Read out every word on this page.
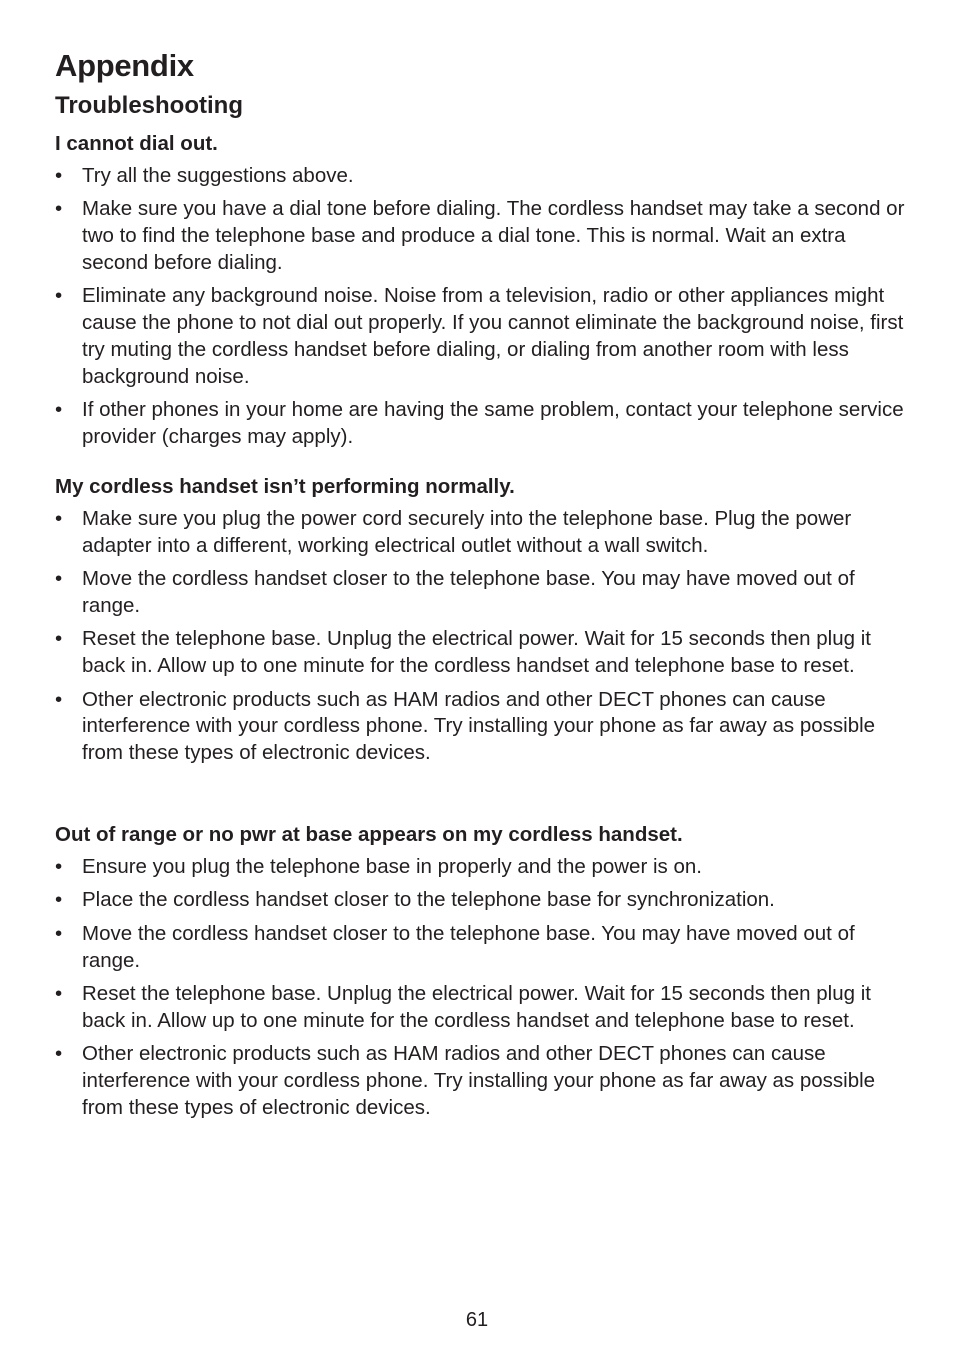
Appendix
Troubleshooting
I cannot dial out.
• Try all the suggestions above.
• Make sure you have a dial tone before dialing. The cordless handset may take a second or two to find the telephone base and produce a dial tone. This is normal. Wait an extra second before dialing.
• Eliminate any background noise. Noise from a television, radio or other appliances might cause the phone to not dial out properly. If you cannot eliminate the background noise, first try muting the cordless handset before dialing, or dialing from another room with less background noise.
• If other phones in your home are having the same problem, contact your telephone service provider (charges may apply).
My cordless handset isn’t performing normally.
• Make sure you plug the power cord securely into the telephone base. Plug the power adapter into a different, working electrical outlet without a wall switch.
• Move the cordless handset closer to the telephone base. You may have moved out of range.
• Reset the telephone base. Unplug the electrical power. Wait for 15 seconds then plug it back in. Allow up to one minute for the cordless handset and telephone base to reset.
• Other electronic products such as HAM radios and other DECT phones can cause interference with your cordless phone. Try installing your phone as far away as possible from these types of electronic devices.
Out of range or no pwr at base appears on my cordless handset.
• Ensure you plug the telephone base in properly and the power is on.
• Place the cordless handset closer to the telephone base for synchronization.
• Move the cordless handset closer to the telephone base. You may have moved out of range.
• Reset the telephone base. Unplug the electrical power. Wait for 15 seconds then plug it back in. Allow up to one minute for the cordless handset and telephone base to reset.
• Other electronic products such as HAM radios and other DECT phones can cause interference with your cordless phone. Try installing your phone as far away as possible from these types of electronic devices.
61
